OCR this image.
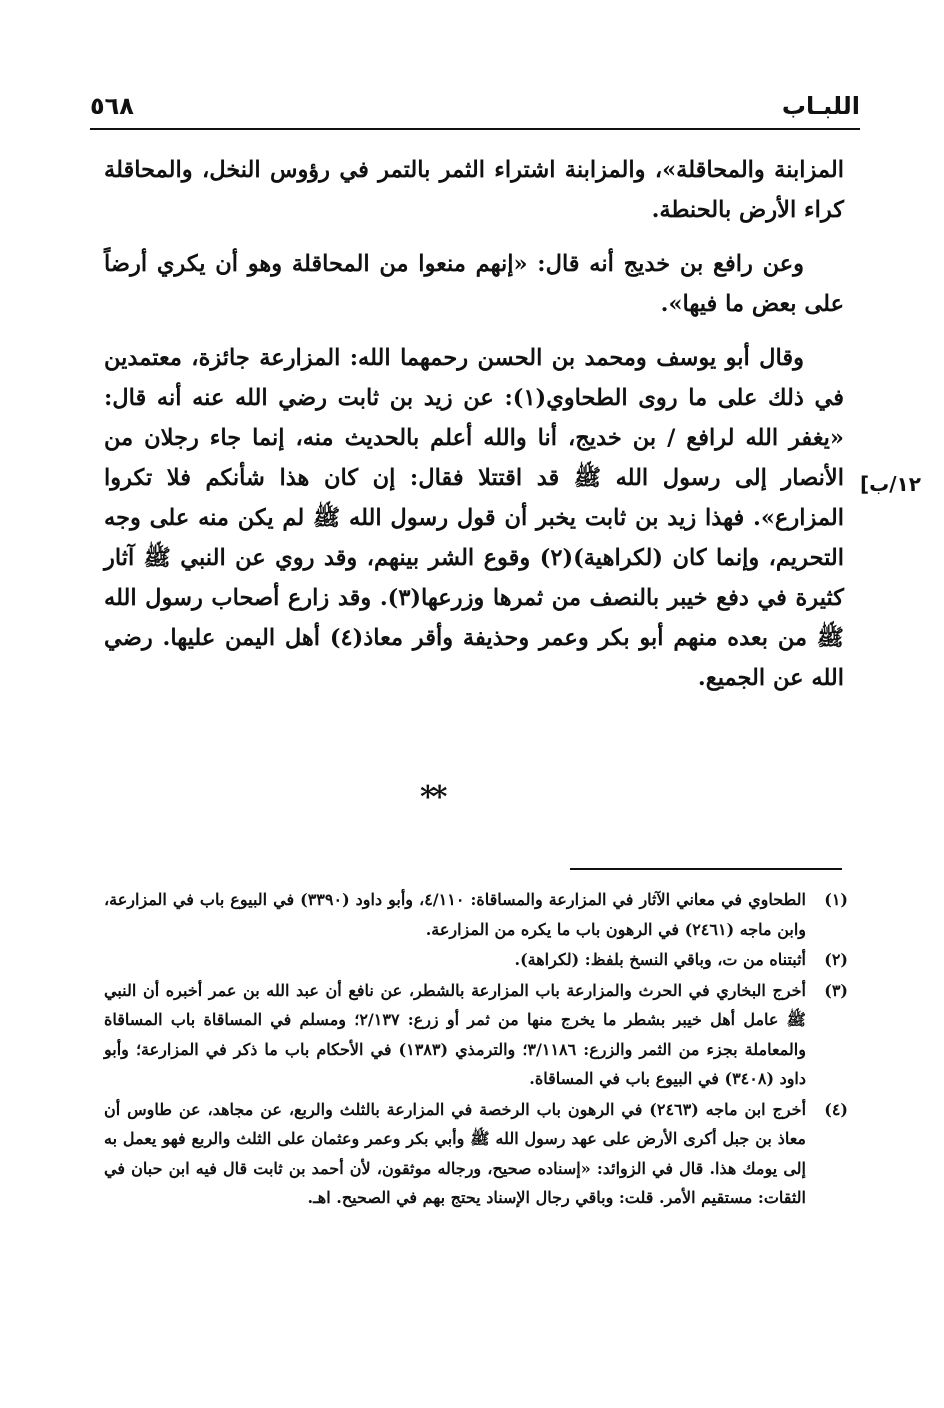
اللبـاب
٥٦٨
١٢/ب]

المزابنة والمحاقلة»، والمزابنة اشتراء الثمر بالتمر في رؤوس النخل، والمحاقلة كراء الأرض بالحنطة.

وعن رافع بن خديج أنه قال: «إنهم منعوا من المحاقلة وهو أن يكري أرضاً على بعض ما فيها».

وقال أبو يوسف ومحمد بن الحسن رحمهما الله: المزارعة جائزة، معتمدين في ذلك على ما روى الطحاوي(١): عن زيد بن ثابت رضي الله عنه أنه قال: «يغفر الله لرافع / بن خديج، أنا والله أعلم بالحديث منه، إنما جاء رجلان من الأنصار إلى رسول الله ﷺ قد اقتتلا فقال: إن كان هذا شأنكم فلا تكروا المزارع». فهذا زيد بن ثابت يخبر أن قول رسول الله ﷺ لم يكن منه على وجه التحريم، وإنما كان (لكراهية)(٢) وقوع الشر بينهم، وقد روي عن النبي ﷺ آثار كثيرة في دفع خيبر بالنصف من ثمرها وزرعها(٣). وقد زارع أصحاب رسول الله ﷺ من بعده منهم أبو بكر وعمر وحذيفة وأقر معاذ(٤) أهل اليمن عليها. رضي الله عن الجميع.

**
(١)
الطحاوي في معاني الآثار في المزارعة والمساقاة: ٤/١١٠، وأبو داود (٣٣٩٠) في البيوع باب في المزارعة، وابن ماجه (٢٤٦١) في الرهون باب ما يكره من المزارعة.
(٢)
أثبتناه من ت، وباقي النسخ بلفظ: (لكراهة).
(٣)
أخرج البخاري في الحرث والمزارعة باب المزارعة بالشطر، عن نافع أن عبد الله بن عمر أخبره أن النبي ﷺ عامل أهل خيبر بشطر ما يخرج منها من ثمر أو زرع: ٢/١٣٧؛ ومسلم في المساقاة باب المساقاة والمعاملة بجزء من الثمر والزرع: ٣/١١٨٦؛ والترمذي (١٣٨٣) في الأحكام باب ما ذكر في المزارعة؛ وأبو داود (٣٤٠٨) في البيوع باب في المساقاة.
(٤)
أخرج ابن ماجه (٢٤٦٣) في الرهون باب الرخصة في المزارعة بالثلث والربع، عن مجاهد، عن طاوس أن معاذ بن جبل أكرى الأرض على عهد رسول الله ﷺ وأبي بكر وعمر وعثمان على الثلث والربع فهو يعمل به إلى يومك هذا. قال في الزوائد: «إسناده صحيح، ورجاله موثقون، لأن أحمد بن ثابت قال فيه ابن حبان في الثقات: مستقيم الأمر. قلت: وباقي رجال الإسناد يحتج بهم في الصحيح. اهـ.
